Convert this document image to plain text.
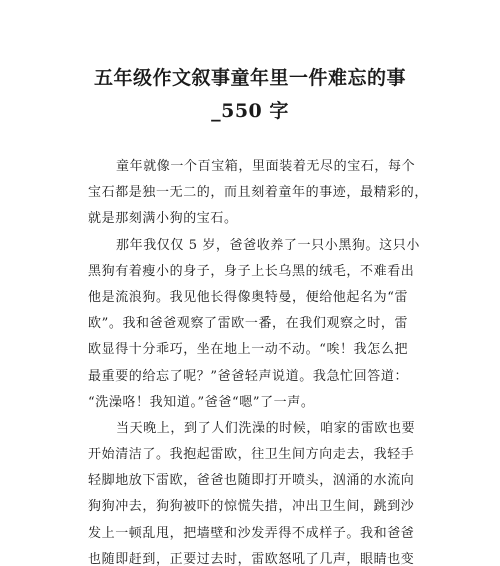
五年级作文叙事童年里一件难忘的事
_550 字
童年就像一个百宝箱，里面装着无尽的宝石，每个
宝石都是独一无二的，而且刻着童年的事迹，最精彩的，
就是那刻满小狗的宝石。
那年我仅仅 5 岁，爸爸收养了一只小黑狗。这只小
黑狗有着瘦小的身子，身子上长乌黑的绒毛，不难看出
他是流浪狗。我见他长得像奥特曼，便给他起名为“雷
欧”。我和爸爸观察了雷欧一番，在我们观察之时，雷
欧显得十分乖巧，坐在地上一动不动。“唉！我怎么把
最重要的给忘了呢？”爸爸轻声说道。我急忙回答道：
“洗澡咯！我知道。”爸爸“嗯”了一声。
当天晚上，到了人们洗澡的时候，咱家的雷欧也要
开始清洁了。我抱起雷欧，往卫生间方向走去，我轻手
轻脚地放下雷欧，爸爸也随即打开喷头，汹涌的水流向
狗狗冲去，狗狗被吓的惊慌失措，冲出卫生间，跳到沙
发上一顿乱甩，把墙壁和沙发弄得不成样子。我和爸爸
也随即赶到，正要过去时，雷欧怒吼了几声，眼睛也变
